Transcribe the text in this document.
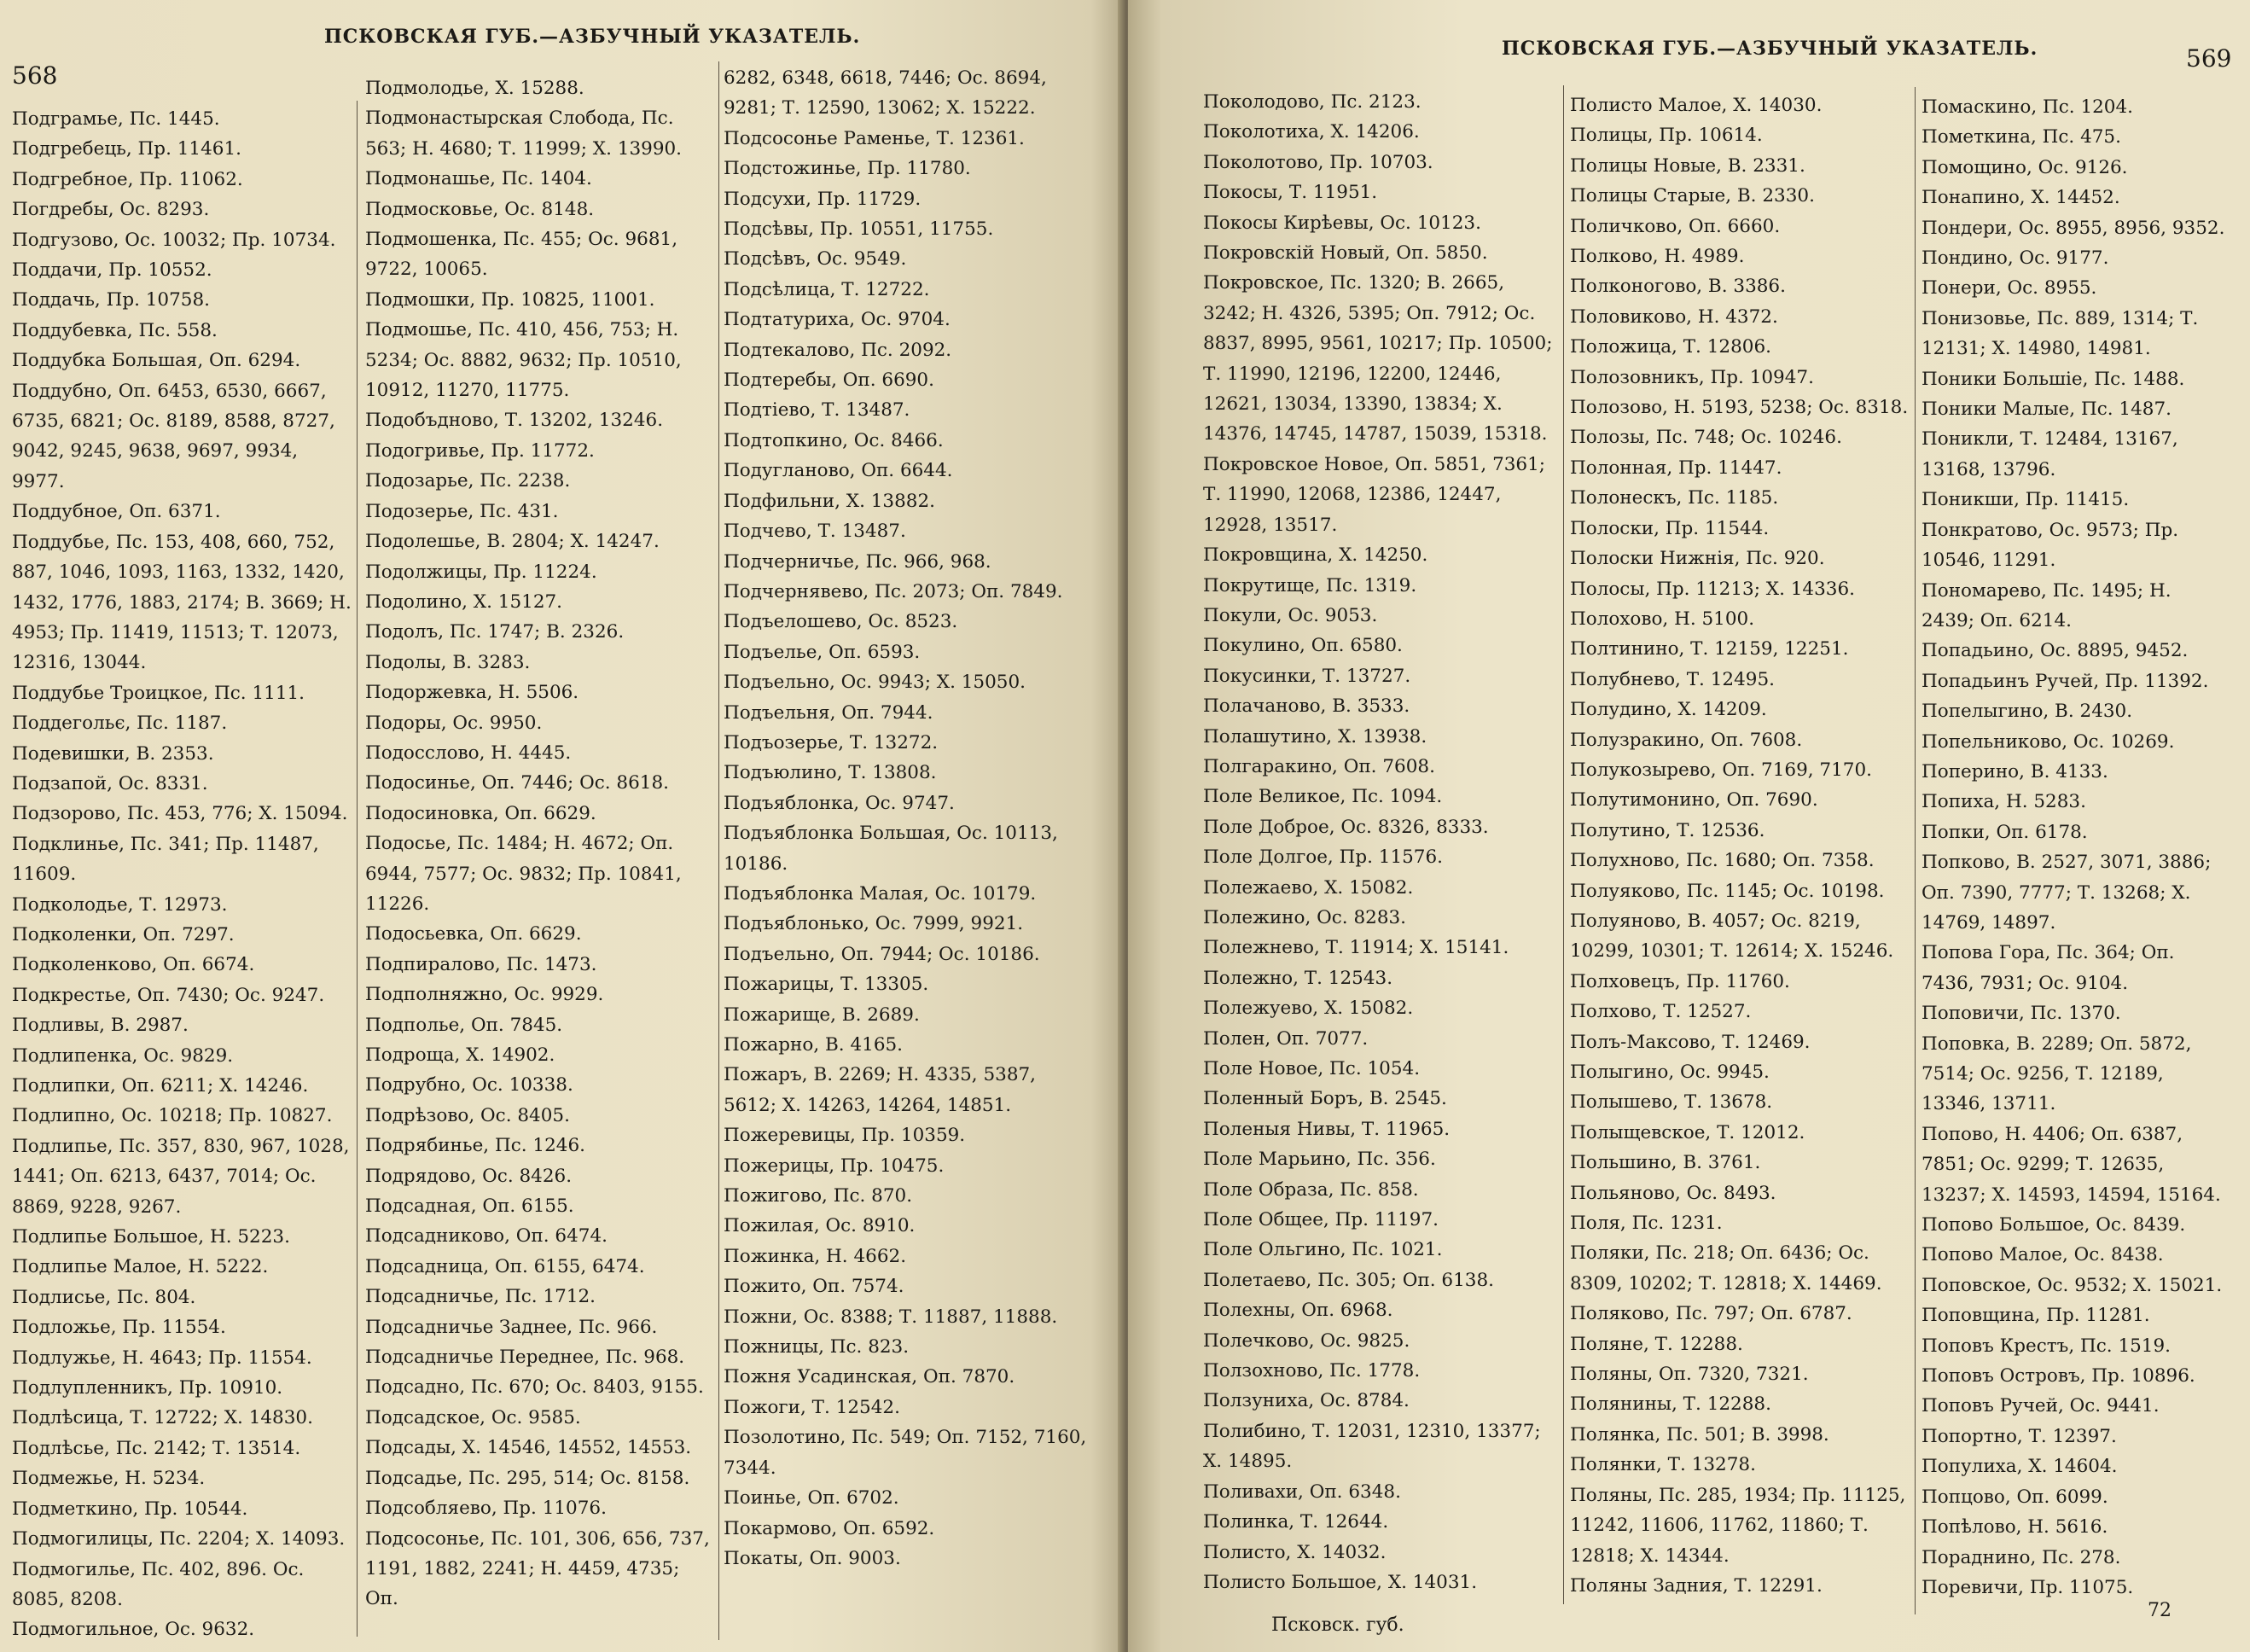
568
ПСКОВСКАЯ ГУБ.—АЗБУЧНЫЙ УКАЗАТЕЛЬ.
Подграмье, Пс. 1445.
Подгребець, Пр. 11461.
Подгребное, Пр. 11062.
Погдребы, Ос. 8293.
Подгузово, Ос. 10032; Пр. 10734.
Поддачи, Пр. 10552.
Поддачь, Пр. 10758.
Поддубевка, Пс. 558.
Поддубка Большая, Оп. 6294.
Поддубно, Оп. 6453, 6530, 6667, 6735, 6821; Ос. 8189, 8588, 8727, 9042, 9245, 9638, 9697, 9934, 9977.
Поддубное, Оп. 6371.
Поддубье, Пс. 153, 408, 660, 752, 887, 1046, 1093, 1163, 1332, 1420, 1432, 1776, 1883, 2174; В. 3669; Н. 4953; Пр. 11419, 11513; Т. 12073, 12316, 13044.
Поддубье Троицкое, Пс. 1111.
Поддегольє, Пс. 1187.
Подевишки, В. 2353.
Подзапой, Ос. 8331.
Подзорово, Пс. 453, 776; Х. 15094.
Подклинье, Пс. 341; Пр. 11487, 11609.
Подколодье, Т. 12973.
Подколенки, Оп. 7297.
Подколенково, Оп. 6674.
Подкрестье, Оп. 7430; Ос. 9247.
Подливы, В. 2987.
Подлипенка, Ос. 9829.
Подлипки, Оп. 6211; Х. 14246.
Подлипно, Ос. 10218; Пр. 10827.
Подлипье, Пс. 357, 830, 967, 1028, 1441; Оп. 6213, 6437, 7014; Ос. 8869, 9228, 9267.
Подлипье Большое, Н. 5223.
Подлипье Малое, Н. 5222.
Подлисье, Пс. 804.
Подложье, Пр. 11554.
Подлужье, Н. 4643; Пр. 11554.
Подлупленникъ, Пр. 10910.
Подлѣсица, Т. 12722; Х. 14830.
Подлѣсье, Пс. 2142; Т. 13514.
Подмежье, Н. 5234.
Подметкино, Пр. 10544.
Подмогилицы, Пс. 2204; Х. 14093.
Подмогилье, Пс. 402, 896. Ос. 8085, 8208.
Подмогильное, Ос. 9632.
Подмолодье, Х. 15288.
Подмонастырская Слобода, Пс. 563; Н. 4680; Т. 11999; Х. 13990.
Подмонашье, Пс. 1404.
Подмосковье, Ос. 8148.
Подмошенка, Пс. 455; Ос. 9681, 9722, 10065.
Подмошки, Пр. 10825, 11001.
Подмошье, Пс. 410, 456, 753; Н. 5234; Ос. 8882, 9632; Пр. 10510, 10912, 11270, 11775.
Подобъдново, Т. 13202, 13246.
Подогривье, Пр. 11772.
Подозарье, Пс. 2238.
Подозерье, Пс. 431.
Подолешье, В. 2804; Х. 14247.
Подолжицы, Пр. 11224.
Подолино, Х. 15127.
Подолъ, Пс. 1747; В. 2326.
Подолы, В. 3283.
Подоржевка, Н. 5506.
Подоры, Ос. 9950.
Подосслово, Н. 4445.
Подосинье, Оп. 7446; Ос. 8618.
Подосиновка, Оп. 6629.
Подосье, Пс. 1484; Н. 4672; Оп. 6944, 7577; Ос. 9832; Пр. 10841, 11226.
Подосьевка, Оп. 6629.
Подпиралово, Пс. 1473.
Подполняжно, Ос. 9929.
Подполье, Оп. 7845.
Подроща, Х. 14902.
Подрубно, Ос. 10338.
Подрѣзово, Ос. 8405.
Подрябинье, Пс. 1246.
Подрядово, Ос. 8426.
Подсадная, Оп. 6155.
Подсадниково, Оп. 6474.
Подсадница, Оп. 6155, 6474.
Подсадничье, Пс. 1712.
Подсадничье Заднее, Пс. 966.
Подсадничье Переднее, Пс. 968.
Подсадно, Пс. 670; Ос. 8403, 9155.
Подсадское, Ос. 9585.
Подсады, Х. 14546, 14552, 14553.
Подсадье, Пс. 295, 514; Ос. 8158.
Подсобляево, Пр. 11076.
Подсосонье, Пс. 101, 306, 656, 737, 1191, 1882, 2241; Н. 4459, 4735; Оп.
6282, 6348, 6618, 7446; Ос. 8694, 9281; Т. 12590, 13062; Х. 15222.
Подсосонье Раменье, Т. 12361.
Подстожинье, Пр. 11780.
Подсухи, Пр. 11729.
Подсѣвы, Пр. 10551, 11755.
Подсѣвъ, Ос. 9549.
Подсѣлица, Т. 12722.
Подтатуриха, Ос. 9704.
Подтекалово, Пс. 2092.
Подтеребы, Оп. 6690.
Подтіево, Т. 13487.
Подтопкино, Ос. 8466.
Подугланово, Оп. 6644.
Подфильни, Х. 13882.
Подчево, Т. 13487.
Подчерничье, Пс. 966, 968.
Подчернявево, Пс. 2073; Оп. 7849.
Подъелошево, Ос. 8523.
Подъелье, Оп. 6593.
Подъельно, Ос. 9943; Х. 15050.
Подъельня, Оп. 7944.
Подъозерье, Т. 13272.
Подъюлино, Т. 13808.
Подъяблонка, Ос. 9747.
Подъяблонка Большая, Ос. 10113, 10186.
Подъяблонка Малая, Ос. 10179.
Подъяблонько, Ос. 7999, 9921.
Подъельно, Оп. 7944; Ос. 10186.
Пожарицы, Т. 13305.
Пожарище, В. 2689.
Пожарно, В. 4165.
Пожаръ, В. 2269; Н. 4335, 5387, 5612; Х. 14263, 14264, 14851.
Пожеревицы, Пр. 10359.
Пожерицы, Пр. 10475.
Пожигово, Пс. 870.
Пожилая, Ос. 8910.
Пожинка, Н. 4662.
Пожито, Оп. 7574.
Пожни, Ос. 8388; Т. 11887, 11888.
Пожницы, Пс. 823.
Пожня Усадинская, Оп. 7870.
Пожоги, Т. 12542.
Позолотино, Пс. 549; Оп. 7152, 7160, 7344.
Поинье, Оп. 6702.
Покармово, Оп. 6592.
Покаты, Оп. 9003.
ПСКОВСКАЯ ГУБ.—АЗБУЧНЫЙ УКАЗАТЕЛЬ.	569
Поколодово, Пс. 2123.
Поколотиха, Х. 14206.
Поколотово, Пр. 10703.
Покосы, Т. 11951.
Покосы Кирѣевы, Ос. 10123.
Покровскій Новый, Оп. 5850.
Покровское, Пс. 1320; В. 2665, 3242; Н. 4326, 5395; Оп. 7912; Ос. 8837, 8995, 9561, 10217; Пр. 10500; Т. 11990, 12196, 12200, 12446, 12621, 13034, 13390, 13834; Х. 14376, 14745, 14787, 15039, 15318.
Покровское Новое, Оп. 5851, 7361; Т. 11990, 12068, 12386, 12447, 12928, 13517.
Покровщина, Х. 14250.
Покрутище, Пс. 1319.
Покули, Ос. 9053.
Покулино, Оп. 6580.
Покусинки, Т. 13727.
Полачаново, В. 3533.
Полашутино, Х. 13938.
Полгаракино, Оп. 7608.
Поле Великое, Пс. 1094.
Поле Доброе, Ос. 8326, 8333.
Поле Долгое, Пр. 11576.
Полежаево, Х. 15082.
Полежино, Ос. 8283.
Полежнево, Т. 11914; Х. 15141.
Полежно, Т. 12543.
Полежуево, Х. 15082.
Полен, Оп. 7077.
Поле Новое, Пс. 1054.
Поленный Боръ, В. 2545.
Поленыя Нивы, Т. 11965.
Поле Марьино, Пс. 356.
Поле Образа, Пс. 858.
Поле Общее, Пр. 11197.
Поле Ольгино, Пс. 1021.
Полетаево, Пс. 305; Оп. 6138.
Полехны, Оп. 6968.
Полечково, Ос. 9825.
Ползохново, Пс. 1778.
Ползуниха, Ос. 8784.
Полибино, Т. 12031, 12310, 13377; Х. 14895.
Поливахи, Оп. 6348.
Полинка, Т. 12644.
Полисто, Х. 14032.
Полисто Большое, Х. 14031.
Полисто Малое, Х. 14030.
Полицы, Пр. 10614.
Полицы Новые, В. 2331.
Полицы Старые, В. 2330.
Поличково, Оп. 6660.
Полково, Н. 4989.
Полконогово, В. 3386.
Половиково, Н. 4372.
Положица, Т. 12806.
Полозовникъ, Пр. 10947.
Полозово, Н. 5193, 5238; Ос. 8318.
Полозы, Пс. 748; Ос. 10246.
Полонная, Пр. 11447.
Полонескъ, Пс. 1185.
Полоски, Пр. 11544.
Полоски Нижнія, Пс. 920.
Полосы, Пр. 11213; Х. 14336.
Полохово, Н. 5100.
Полтинино, Т. 12159, 12251.
Полубнево, Т. 12495.
Полудино, Х. 14209.
Полузракино, Оп. 7608.
Полукозырево, Оп. 7169, 7170.
Полутимонино, Оп. 7690.
Полутино, Т. 12536.
Полухново, Пс. 1680; Оп. 7358.
Полуяково, Пс. 1145; Ос. 10198.
Полуяново, В. 4057; Ос. 8219, 10299, 10301; Т. 12614; Х. 15246.
Полховецъ, Пр. 11760.
Полхово, Т. 12527.
Полъ-Максово, Т. 12469.
Полыгино, Ос. 9945.
Полышево, Т. 13678.
Полыщевское, Т. 12012.
Польшино, В. 3761.
Польяново, Ос. 8493.
Поля, Пс. 1231.
Поляки, Пс. 218; Оп. 6436; Ос. 8309, 10202; Т. 12818; Х. 14469.
Поляково, Пс. 797; Оп. 6787.
Поляне, Т. 12288.
Поляны, Оп. 7320, 7321.
Полянины, Т. 12288.
Полянка, Пс. 501; В. 3998.
Полянки, Т. 13278.
Поляны, Пс. 285, 1934; Пр. 11125, 11242, 11606, 11762, 11860; Т. 12818; Х. 14344.
Поляны Задния, Т. 12291.
Помаскино, Пс. 1204.
Пометкина, Пс. 475.
Помощино, Ос. 9126.
Понапино, Х. 14452.
Пондери, Ос. 8955, 8956, 9352.
Пондино, Ос. 9177.
Понери, Ос. 8955.
Понизовье, Пс. 889, 1314; Т. 12131; Х. 14980, 14981.
Поники Большіе, Пс. 1488.
Поники Малые, Пс. 1487.
Поникли, Т. 12484, 13167, 13168, 13796.
Поникши, Пр. 11415.
Понкратово, Ос. 9573; Пр. 10546, 11291.
Пономарево, Пс. 1495; Н. 2439; Оп. 6214.
Попадьино, Ос. 8895, 9452.
Попадьинъ Ручей, Пр. 11392.
Попелыгино, В. 2430.
Попельниково, Ос. 10269.
Поперино, В. 4133.
Попиха, Н. 5283.
Попки, Оп. 6178.
Попково, В. 2527, 3071, 3886; Оп. 7390, 7777; Т. 13268; Х. 14769, 14897.
Попова Гора, Пс. 364; Оп. 7436, 7931; Ос. 9104.
Поповичи, Пс. 1370.
Поповка, В. 2289; Оп. 5872, 7514; Ос. 9256, Т. 12189, 13346, 13711.
Попово, Н. 4406; Оп. 6387, 7851; Ос. 9299; Т. 12635, 13237; Х. 14593, 14594, 15164.
Попово Большое, Ос. 8439.
Попово Малое, Ос. 8438.
Поповское, Ос. 9532; Х. 15021.
Поповщина, Пр. 11281.
Поповъ Крестъ, Пс. 1519.
Поповъ Островъ, Пр. 10896.
Поповъ Ручей, Ос. 9441.
Попортно, Т. 12397.
Популиха, Х. 14604.
Попцово, Оп. 6099.
Попѣлово, Н. 5616.
Пораднино, Пс. 278.
Поревичи, Пр. 11075.
Псковск. губ.
72
